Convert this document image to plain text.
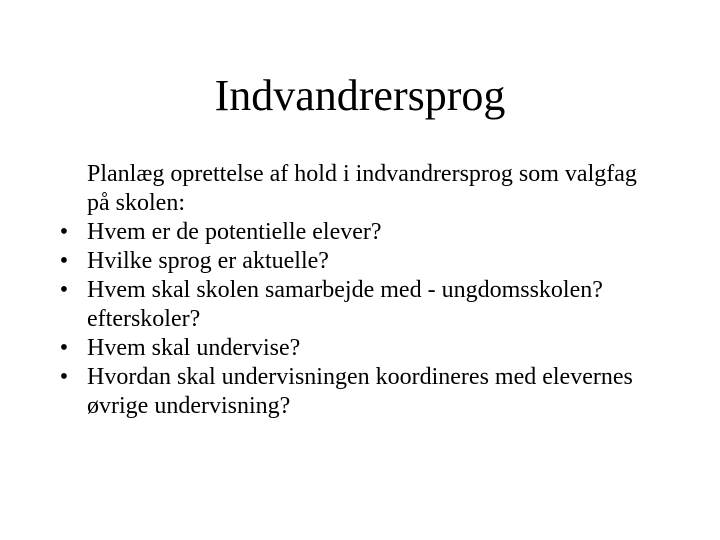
Indvandrersprog
Planlæg oprettelse af hold i indvandrersprog som valgfag på skolen:
• Hvem er de potentielle elever?
• Hvilke sprog er aktuelle?
• Hvem skal skolen samarbejde med - ungdomsskolen? efterskoler?
• Hvem skal undervise?
• Hvordan skal undervisningen koordineres med elevernes øvrige undervisning?
